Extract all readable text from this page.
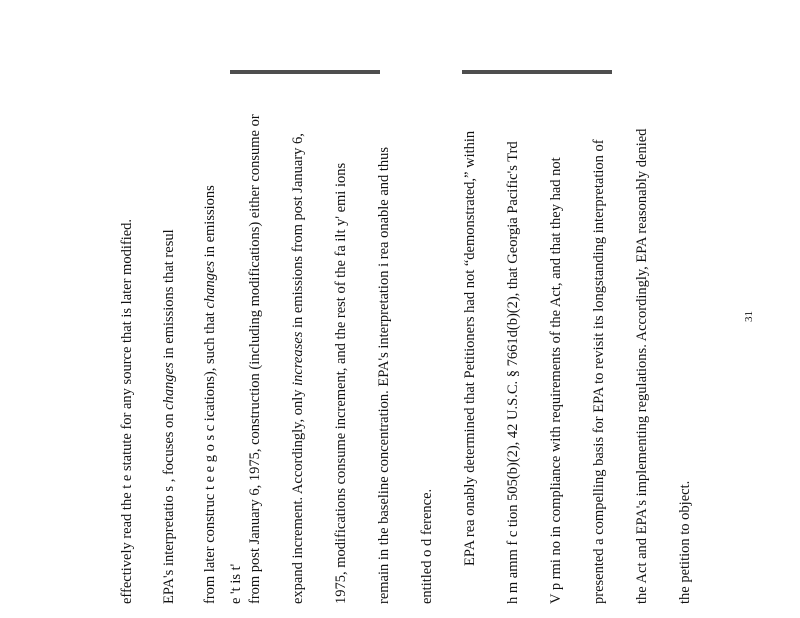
effectively read the t e statute for any source that is later modified. EPA's interpretatio s , focuses on changes in emissions that resul
from later construc t e e g o s c ications), such that changes in emissions
e 't is t' from post January 6, 1975, construction (including modifications) either consume or expand increment. Accordingly, only increases in emissions from post January 6, 1975, modifications consume increment, and the rest of the fa ilt y' emi ions remain in the baseline concentration. EPA's interpretation i rea onable and thus entitled o d ference. EPA rea onably determined that Petitioners had not “demonstrated,” within h m amm f c tion 505(b)(2), 42 U.S.C. § 7661d(b)(2), that Georgia Pacific's Trd V p rmi no in compliance with requirements of the Act, and that they had not presented a compelling basis for EPA to revisit its longstanding interpretation of the Act and EPA's implementing regulations. Accordingly, EPA reasonably denied the petition to object.
31
